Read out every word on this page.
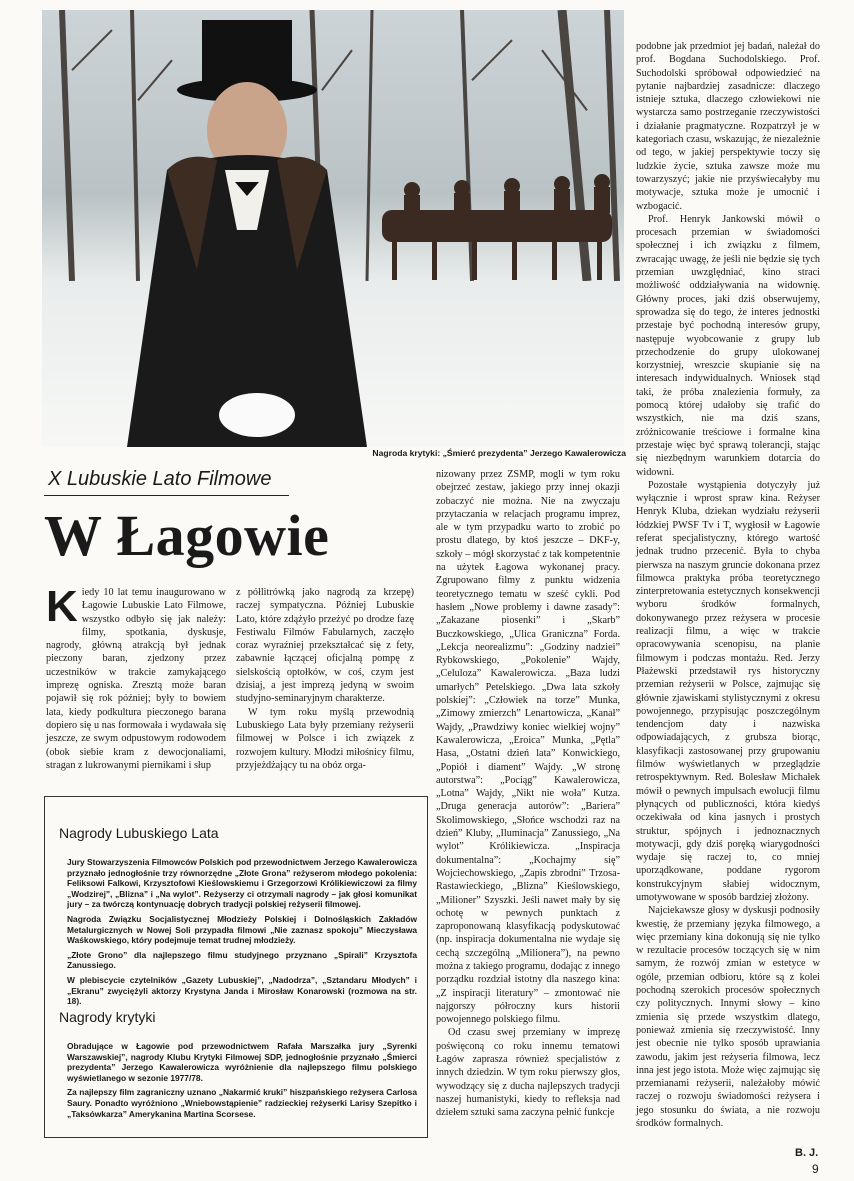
Nagroda krytyki: „Śmierć prezydenta” Jerzego Kawalerowicza
X Lubuskie Lato Filmowe
W Łagowie

Kiedy 10 lat temu inaugurowano w Łagowie Lubuskie Lato Filmowe, wszystko odbyło się jak należy: filmy, spotkania, dyskusje, nagrody, główną atrakcją był jednak pieczony baran, zjedzony przez uczestników w trakcie zamykającego imprezę ogniska. Zresztą może baran pojawił się rok później; były to bowiem lata, kiedy podkultura pieczonego barana dopiero się u nas formowała i wydawała się jeszcze, ze swym odpustowym rodowodem (obok siebie kram z dewocjonaliami, stragan z lukrowanymi piernikami i słup

z półlitrówką jako nagrodą za krzepę) raczej sympatyczna. Później Lubuskie Lato, które zdążyło przeżyć po drodze fazę Festiwalu Filmów Fabularnych, zaczęło coraz wyraźniej przekształcać się z fety, zabawnie łączącej oficjalną pompę z sielskością optołków, w coś, czym jest dzisiaj, a jest imprezą jedyną w swoim studyjno-seminaryjnym charakterze.

W tym roku myślą przewodnią Lubuskiego Lata były przemiany reżyserii filmowej w Polsce i ich związek z rozwojem kultury. Młodzi miłośnicy filmu, przyjeżdżający tu na obóz orga-

nizowany przez ZSMP, mogli w tym roku obejrzeć zestaw, jakiego przy innej okazji zobaczyć nie można. Nie na zwyczaju przytaczania w relacjach programu imprez, ale w tym przypadku warto to zrobić po prostu dlatego, by ktoś jeszcze – DKF-y, szkoły – mógł skorzystać z tak kompetentnie na użytek Łagowa wykonanej pracy. Zgrupowano filmy z punktu widzenia teoretycznego tematu w sześć cykli. Pod hasłem „Nowe problemy i dawne zasady”: „Zakazane piosenki” i „Skarb” Buczkowskiego, „Ulica Graniczna” Forda. „Lekcja neorealizmu”: „Godziny nadziei” Rybkowskiego, „Pokolenie” Wajdy, „Celuloza” Kawalerowicza. „Baza ludzi umarłych” Petelskiego. „Dwa lata szkoły polskiej”: „Człowiek na torze” Munka, „Zimowy zmierzch” Lenartowicza, „Kanał” Wajdy, „Prawdziwy koniec wielkiej wojny” Kawalerowicza, „Eroica” Munka, „Pętla” Hasa, „Ostatni dzień lata” Konwickiego, „Popiół i diament” Wajdy. „W stronę autorstwa”: „Pociąg” Kawalerowicza, „Lotna” Wajdy, „Nikt nie woła” Kutza. „Druga generacja autorów”: „Bariera” Skolimowskiego, „Słońce wschodzi raz na dzień” Kluby, „Iluminacja” Zanussiego, „Na wylot” Królikiewicza. „Inspiracja dokumentalna”: „Kochajmy się” Wojciechowskiego, „Zapis zbrodni” Trzosa-Rastawieckiego, „Blizna” Kieślowskiego, „Milioner” Szyszki. Jeśli nawet mały by się ochotę w pewnych punktach z zaproponowaną klasyfikacją podyskutować (np. inspiracja dokumentalna nie wydaje się cechą szczególną „Milionera”), na pewno można z takiego programu, dodając z innego porządku rozdział istotny dla naszego kina: „Z inspiracji literatury” – zmontować nie najgorszy półroczny kurs historii powojennego polskiego filmu.

Od czasu swej przemiany w imprezę poświęconą co roku innemu tematowi Łagów zaprasza również specjalistów z innych dziedzin. W tym roku pierwszy głos, wywodzący się z ducha najlepszych tradycji naszej humanistyki, kiedy to refleksja nad dziełem sztuki sama zaczyna pełnić funkcje

podobne jak przedmiot jej badań, należał do prof. Bogdana Suchodolskiego. Prof. Suchodolski spróbował odpowiedzieć na pytanie najbardziej zasadnicze: dlaczego istnieje sztuka, dlaczego człowiekowi nie wystarcza samo postrzeganie rzeczywistości i działanie pragmatyczne. Rozpatrzył je w kategoriach czasu, wskazując, że niezależnie od tego, w jakiej perspektywie toczy się ludzkie życie, sztuka zawsze może mu towarzyszyć; jakie nie przyświecałyby mu motywacje, sztuka może je umocnić i wzbogacić.

Prof. Henryk Jankowski mówił o procesach przemian w świadomości społecznej i ich związku z filmem, zwracając uwagę, że jeśli nie będzie się tych przemian uwzględniać, kino straci możliwość oddziaływania na widownię. Główny proces, jaki dziś obserwujemy, sprowadza się do tego, że interes jednostki przestaje być pochodną interesów grupy, następuje wyobcowanie z grupy lub przechodzenie do grupy ulokowanej korzystniej, wreszcie skupianie się na interesach indywidualnych. Wniosek stąd taki, że próba znalezienia formuły, za pomocą której udałoby się trafić do wszystkich, nie ma dziś szans, zróżnicowanie treściowe i formalne kina przestaje więc być sprawą tolerancji, stając się niezbędnym warunkiem dotarcia do widowni.

Pozostałe wystąpienia dotyczyły już wyłącznie i wprost spraw kina. Reżyser Henryk Kluba, dziekan wydziału reżyserii łódzkiej PWSF Tv i T, wygłosił w Łagowie referat specjalistyczny, którego wartość jednak trudno przecenić. Była to chyba pierwsza na naszym gruncie dokonana przez filmowca praktyka próba teoretycznego zinterpretowania estetycznych konsekwencji wyboru środków formalnych, dokonywanego przez reżysera w procesie realizacji filmu, a więc w trakcie opracowywania scenopisu, na planie filmowym i podczas montażu. Red. Jerzy Płażewski przedstawił rys historyczny przemian reżyserii w Polsce, zajmując się głównie zjawiskami stylistycznymi z okresu powojennego, przypisując poszczególnym tendencjom daty i nazwiska odpowiadających, z grubsza biorąc, klasyfikacji zastosowanej przy grupowaniu filmów wyświetlanych w przeglądzie retrospektywnym. Red. Bolesław Michałek mówił o pewnych impulsach ewolucji filmu płynących od publiczności, która kiedyś oczekiwała od kina jasnych i prostych struktur, spójnych i jednoznacznych motywacji, gdy dziś poręką wiarygodności wydaje się raczej to, co mniej uporządkowane, poddane rygorom konstrukcyjnym słabiej widocznym, umotywowane w sposób bardziej złożony.

Najciekawsze głosy w dyskusji podnosiły kwestię, że przemiany języka filmowego, a więc przemiany kina dokonują się nie tylko w rezultacie procesów toczących się w nim samym, że rozwój zmian w estetyce w ogóle, przemian odbioru, które są z kolei pochodną szerokich procesów społecznych czy politycznych. Innymi słowy – kino zmienia się przede wszystkim dlatego, ponieważ zmienia się rzeczywistość. Inny jest obecnie nie tylko sposób uprawiania zawodu, jakim jest reżyseria filmowa, lecz inna jest jego istota. Może więc zajmując się przemianami reżyserii, należałoby mówić raczej o rozwoju świadomości reżysera i jego stosunku do świata, a nie rozwoju środków formalnych.

Nagrody Lubuskiego Lata

Jury Stowarzyszenia Filmowców Polskich pod przewodnictwem Jerzego Kawalerowicza przyznało jednogłośnie trzy równorzędne „Złote Grona” reżyserom młodego pokolenia: Feliksowi Falkowi, Krzysztofowi Kieślowskiemu i Grzegorzowi Królikiewiczowi za filmy „Wodzirej”, „Blizna” i „Na wylot”. Reżyserzy ci otrzymali nagrody – jak głosi komunikat jury – za twórczą kontynuację dobrych tradycji polskiej reżyserii filmowej.

Nagroda Związku Socjalistycznej Młodzieży Polskiej i Dolnośląskich Zakładów Metalurgicznych w Nowej Soli przypadła filmowi „Nie zaznasz spokoju” Mieczysława Waśkowskiego, który podejmuje temat trudnej młodzieży.

„Złote Grono” dla najlepszego filmu studyjnego przyznano „Spirali” Krzysztofa Zanussiego.

W plebiscycie czytelników „Gazety Lubuskiej”, „Nadodrza”, „Sztandaru Młodych” i „Ekranu” zwyciężyli aktorzy Krystyna Janda i Mirosław Konarowski (rozmowa na str. 18).

Nagrody krytyki

Obradujące w Łagowie pod przewodnictwem Rafała Marszałka jury „Syrenki Warszawskiej”, nagrody Klubu Krytyki Filmowej SDP, jednogłośnie przyznało „Śmierci prezydenta” Jerzego Kawalerowicza wyróżnienie dla najlepszego filmu polskiego wyświetlanego w sezonie 1977/78.

Za najlepszy film zagraniczny uznano „Nakarmić kruki” hiszpańskiego reżysera Carlosa Saury. Ponadto wyróżniono „Wniebowstąpienie” radzieckiej reżyserki Larisy Szepitko i „Taksówkarza” Amerykanina Martina Scorsese.

B. J.
9
